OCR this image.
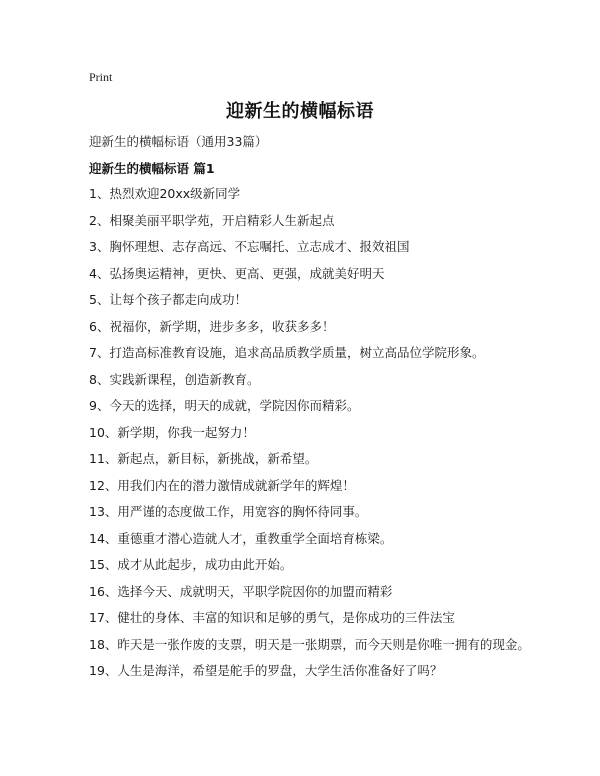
Print
迎新生的横幅标语
迎新生的横幅标语（通用33篇）
迎新生的横幅标语 篇1
1、热烈欢迎20xx级新同学
2、相聚美丽平职学苑，开启精彩人生新起点
3、胸怀理想、志存高远、不忘嘱托、立志成才、报效祖国
4、弘扬奥运精神，更快、更高、更强，成就美好明天
5、让每个孩子都走向成功！
6、祝福你，新学期，进步多多，收获多多！
7、打造高标准教育设施，追求高品质教学质量，树立高品位学院形象。
8、实践新课程，创造新教育。
9、今天的选择，明天的成就，学院因你而精彩。
10、新学期，你我一起努力！
11、新起点，新目标，新挑战，新希望。
12、用我们内在的潜力激情成就新学年的辉煌！
13、用严谨的态度做工作，用宽容的胸怀待同事。
14、重德重才潜心造就人才，重教重学全面培育栋梁。
15、成才从此起步，成功由此开始。
16、选择今天、成就明天，平职学院因你的加盟而精彩
17、健壮的身体、丰富的知识和足够的勇气，是你成功的三件法宝
18、昨天是一张作废的支票，明天是一张期票，而今天则是你唯一拥有的现金。
19、人生是海洋，希望是舵手的罗盘，大学生活你准备好了吗？
